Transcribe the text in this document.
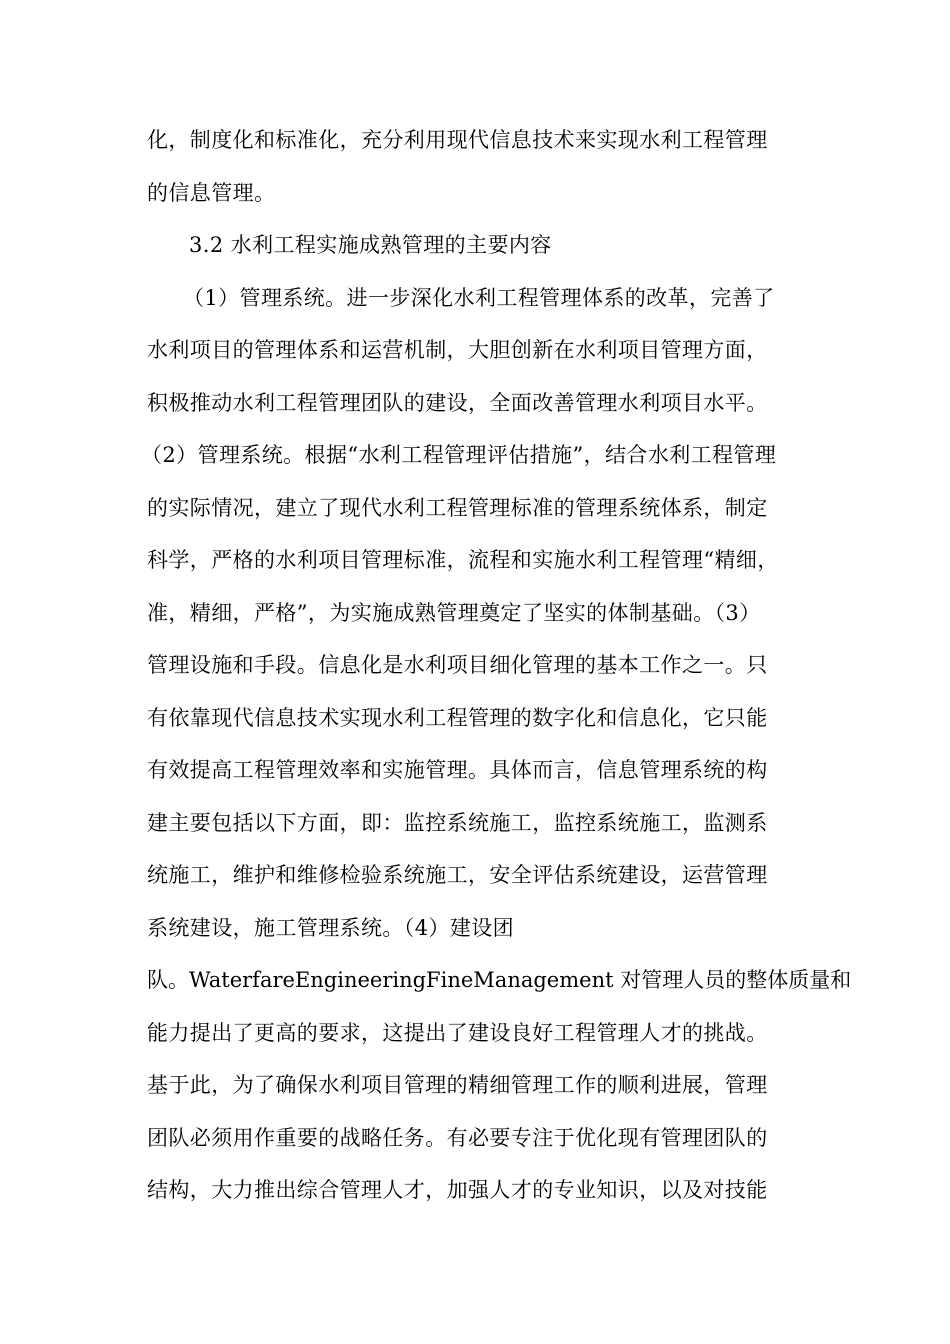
化，制度化和标准化，充分利用现代信息技术来实现水利工程管理
的信息管理。
3.2 水利工程实施成熟管理的主要内容
（1）管理系统。进一步深化水利工程管理体系的改革，完善了
水利项目的管理体系和运营机制，大胆创新在水利项目管理方面，
积极推动水利工程管理团队的建设，全面改善管理水利项目水平。
（2）管理系统。根据“水利工程管理评估措施”，结合水利工程管理
的实际情况，建立了现代水利工程管理标准的管理系统体系，制定
科学，严格的水利项目管理标准，流程和实施水利工程管理“精细，
准，精细，严格”，为实施成熟管理奠定了坚实的体制基础。（3）
管理设施和手段。信息化是水利项目细化管理的基本工作之一。只
有依靠现代信息技术实现水利工程管理的数字化和信息化，它只能
有效提高工程管理效率和实施管理。具体而言，信息管理系统的构
建主要包括以下方面，即：监控系统施工，监控系统施工，监测系
统施工，维护和维修检验系统施工，安全评估系统建设，运营管理
系统建设，施工管理系统。（4）建设团
队。WaterfareEngineeringFineManagement 对管理人员的整体质量和
能力提出了更高的要求，这提出了建设良好工程管理人才的挑战。
基于此，为了确保水利项目管理的精细管理工作的顺利进展，管理
团队必须用作重要的战略任务。有必要专注于优化现有管理团队的
结构，大力推出综合管理人才，加强人才的专业知识，以及对技能
